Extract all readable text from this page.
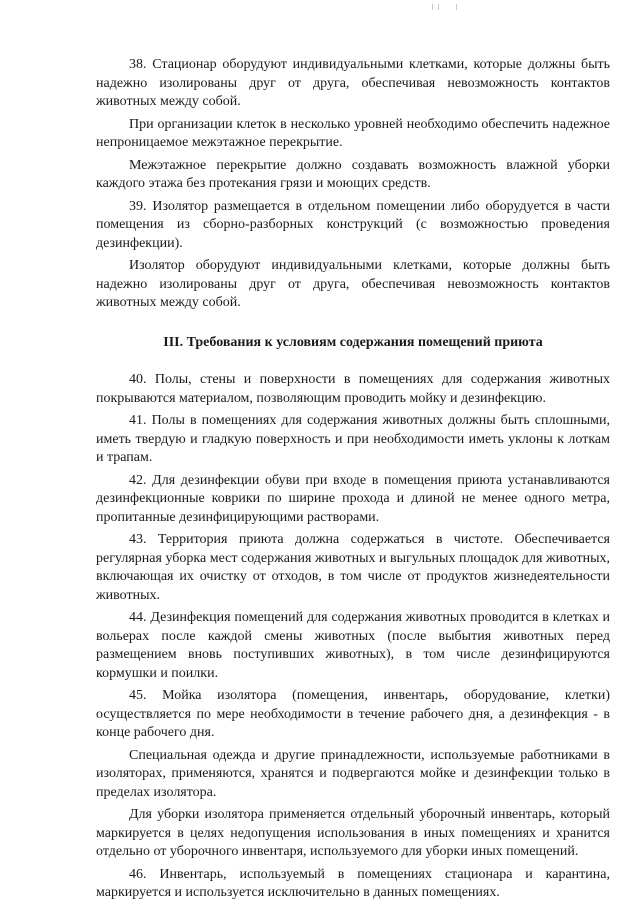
38. Стационар оборудуют индивидуальными клетками, которые должны быть надежно изолированы друг от друга, обеспечивая невозможность контактов животных между собой.

При организации клеток в несколько уровней необходимо обеспечить надежное непроницаемое межэтажное перекрытие.

Межэтажное перекрытие должно создавать возможность влажной уборки каждого этажа без протекания грязи и моющих средств.

39. Изолятор размещается в отдельном помещении либо оборудуется в части помещения из сборно-разборных конструкций (с возможностью проведения дезинфекции).

Изолятор оборудуют индивидуальными клетками, которые должны быть надежно изолированы друг от друга, обеспечивая невозможность контактов животных между собой.

III. Требования к условиям содержания помещений приюта

40. Полы, стены и поверхности в помещениях для содержания животных покрываются материалом, позволяющим проводить мойку и дезинфекцию.

41. Полы в помещениях для содержания животных должны быть сплошными, иметь твердую и гладкую поверхность и при необходимости иметь уклоны к лоткам и трапам.

42. Для дезинфекции обуви при входе в помещения приюта устанавливаются дезинфекционные коврики по ширине прохода и длиной не менее одного метра, пропитанные дезинфицирующими растворами.

43. Территория приюта должна содержаться в чистоте. Обеспечивается регулярная уборка мест содержания животных и выгульных площадок для животных, включающая их очистку от отходов, в том числе от продуктов жизнедеятельности животных.

44. Дезинфекция помещений для содержания животных проводится в клетках и вольерах после каждой смены животных (после выбытия животных перед размещением вновь поступивших животных), в том числе дезинфицируются кормушки и поилки.

45. Мойка изолятора (помещения, инвентарь, оборудование, клетки) осуществляется по мере необходимости в течение рабочего дня, а дезинфекция - в конце рабочего дня.

Специальная одежда и другие принадлежности, используемые работниками в изоляторах, применяются, хранятся и подвергаются мойке и дезинфекции только в пределах изолятора.

Для уборки изолятора применяется отдельный уборочный инвентарь, который маркируется в целях недопущения использования в иных помещениях и хранится отдельно от уборочного инвентаря, используемого для уборки иных помещений.

46. Инвентарь, используемый в помещениях стационара и карантина, маркируется и используется исключительно в данных помещениях.
